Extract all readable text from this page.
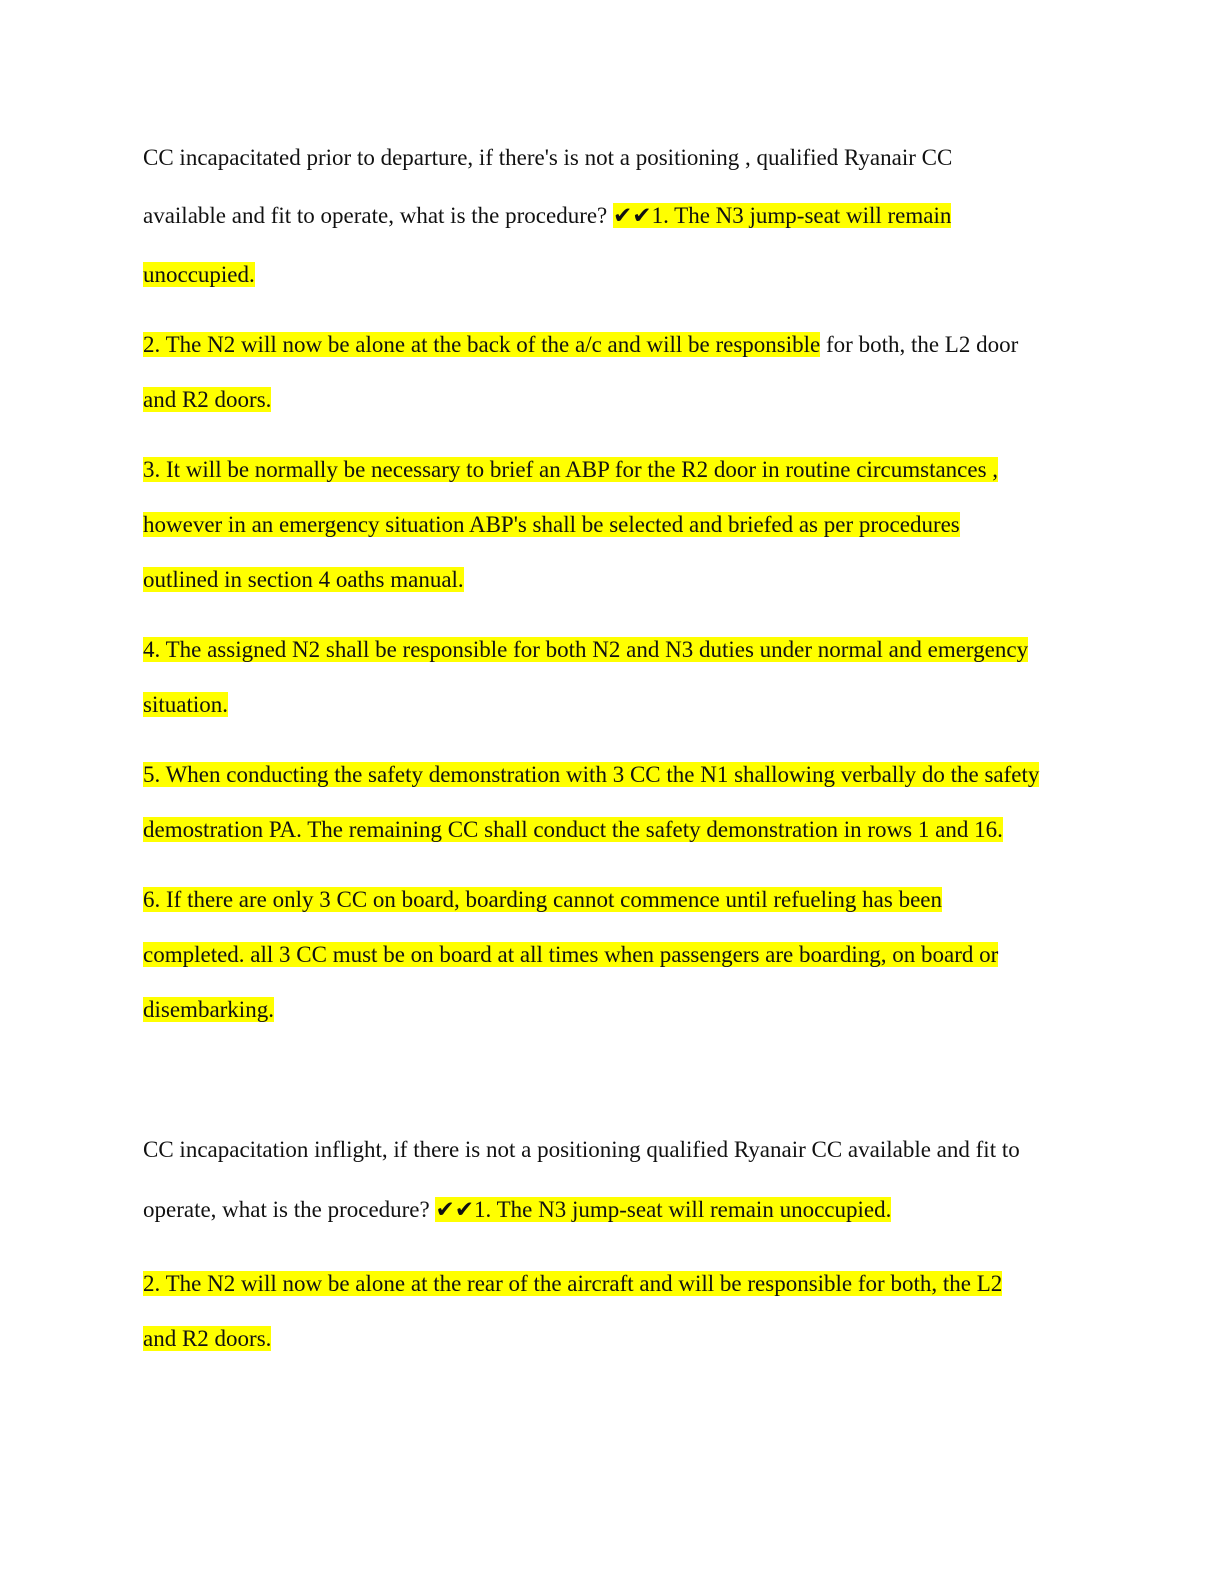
CC incapacitated prior to departure, if there's is not a positioning , qualified Ryanair CC
available and fit to operate, what is the procedure? ✔✔1. The N3 jump-seat will remain
unoccupied.
2. The N2 will now be alone at the back of the a/c and will be responsible for both, the L2 door
and R2 doors.
3. It will be normally be necessary to brief an ABP for the R2 door in routine circumstances ,
however in an emergency situation ABP's shall be selected and briefed as per procedures
outlined in section 4 oaths manual.
4. The assigned N2 shall be responsible for both N2 and N3 duties under normal and emergency
situation.
5. When conducting the safety demonstration with 3 CC the N1 shallowing verbally do the safety
demostration PA. The remaining CC shall conduct the safety demonstration in rows 1 and 16.
6. If there are only 3 CC on board, boarding cannot commence until refueling has been
completed. all 3 CC must be on board at all times when passengers are boarding, on board or
disembarking.
CC incapacitation inflight, if there is not a positioning qualified Ryanair CC available and fit to
operate, what is the procedure? ✔✔1. The N3 jump-seat will remain unoccupied.
2. The N2 will now be alone at the rear of the aircraft and will be responsible for both, the L2
and R2 doors.
